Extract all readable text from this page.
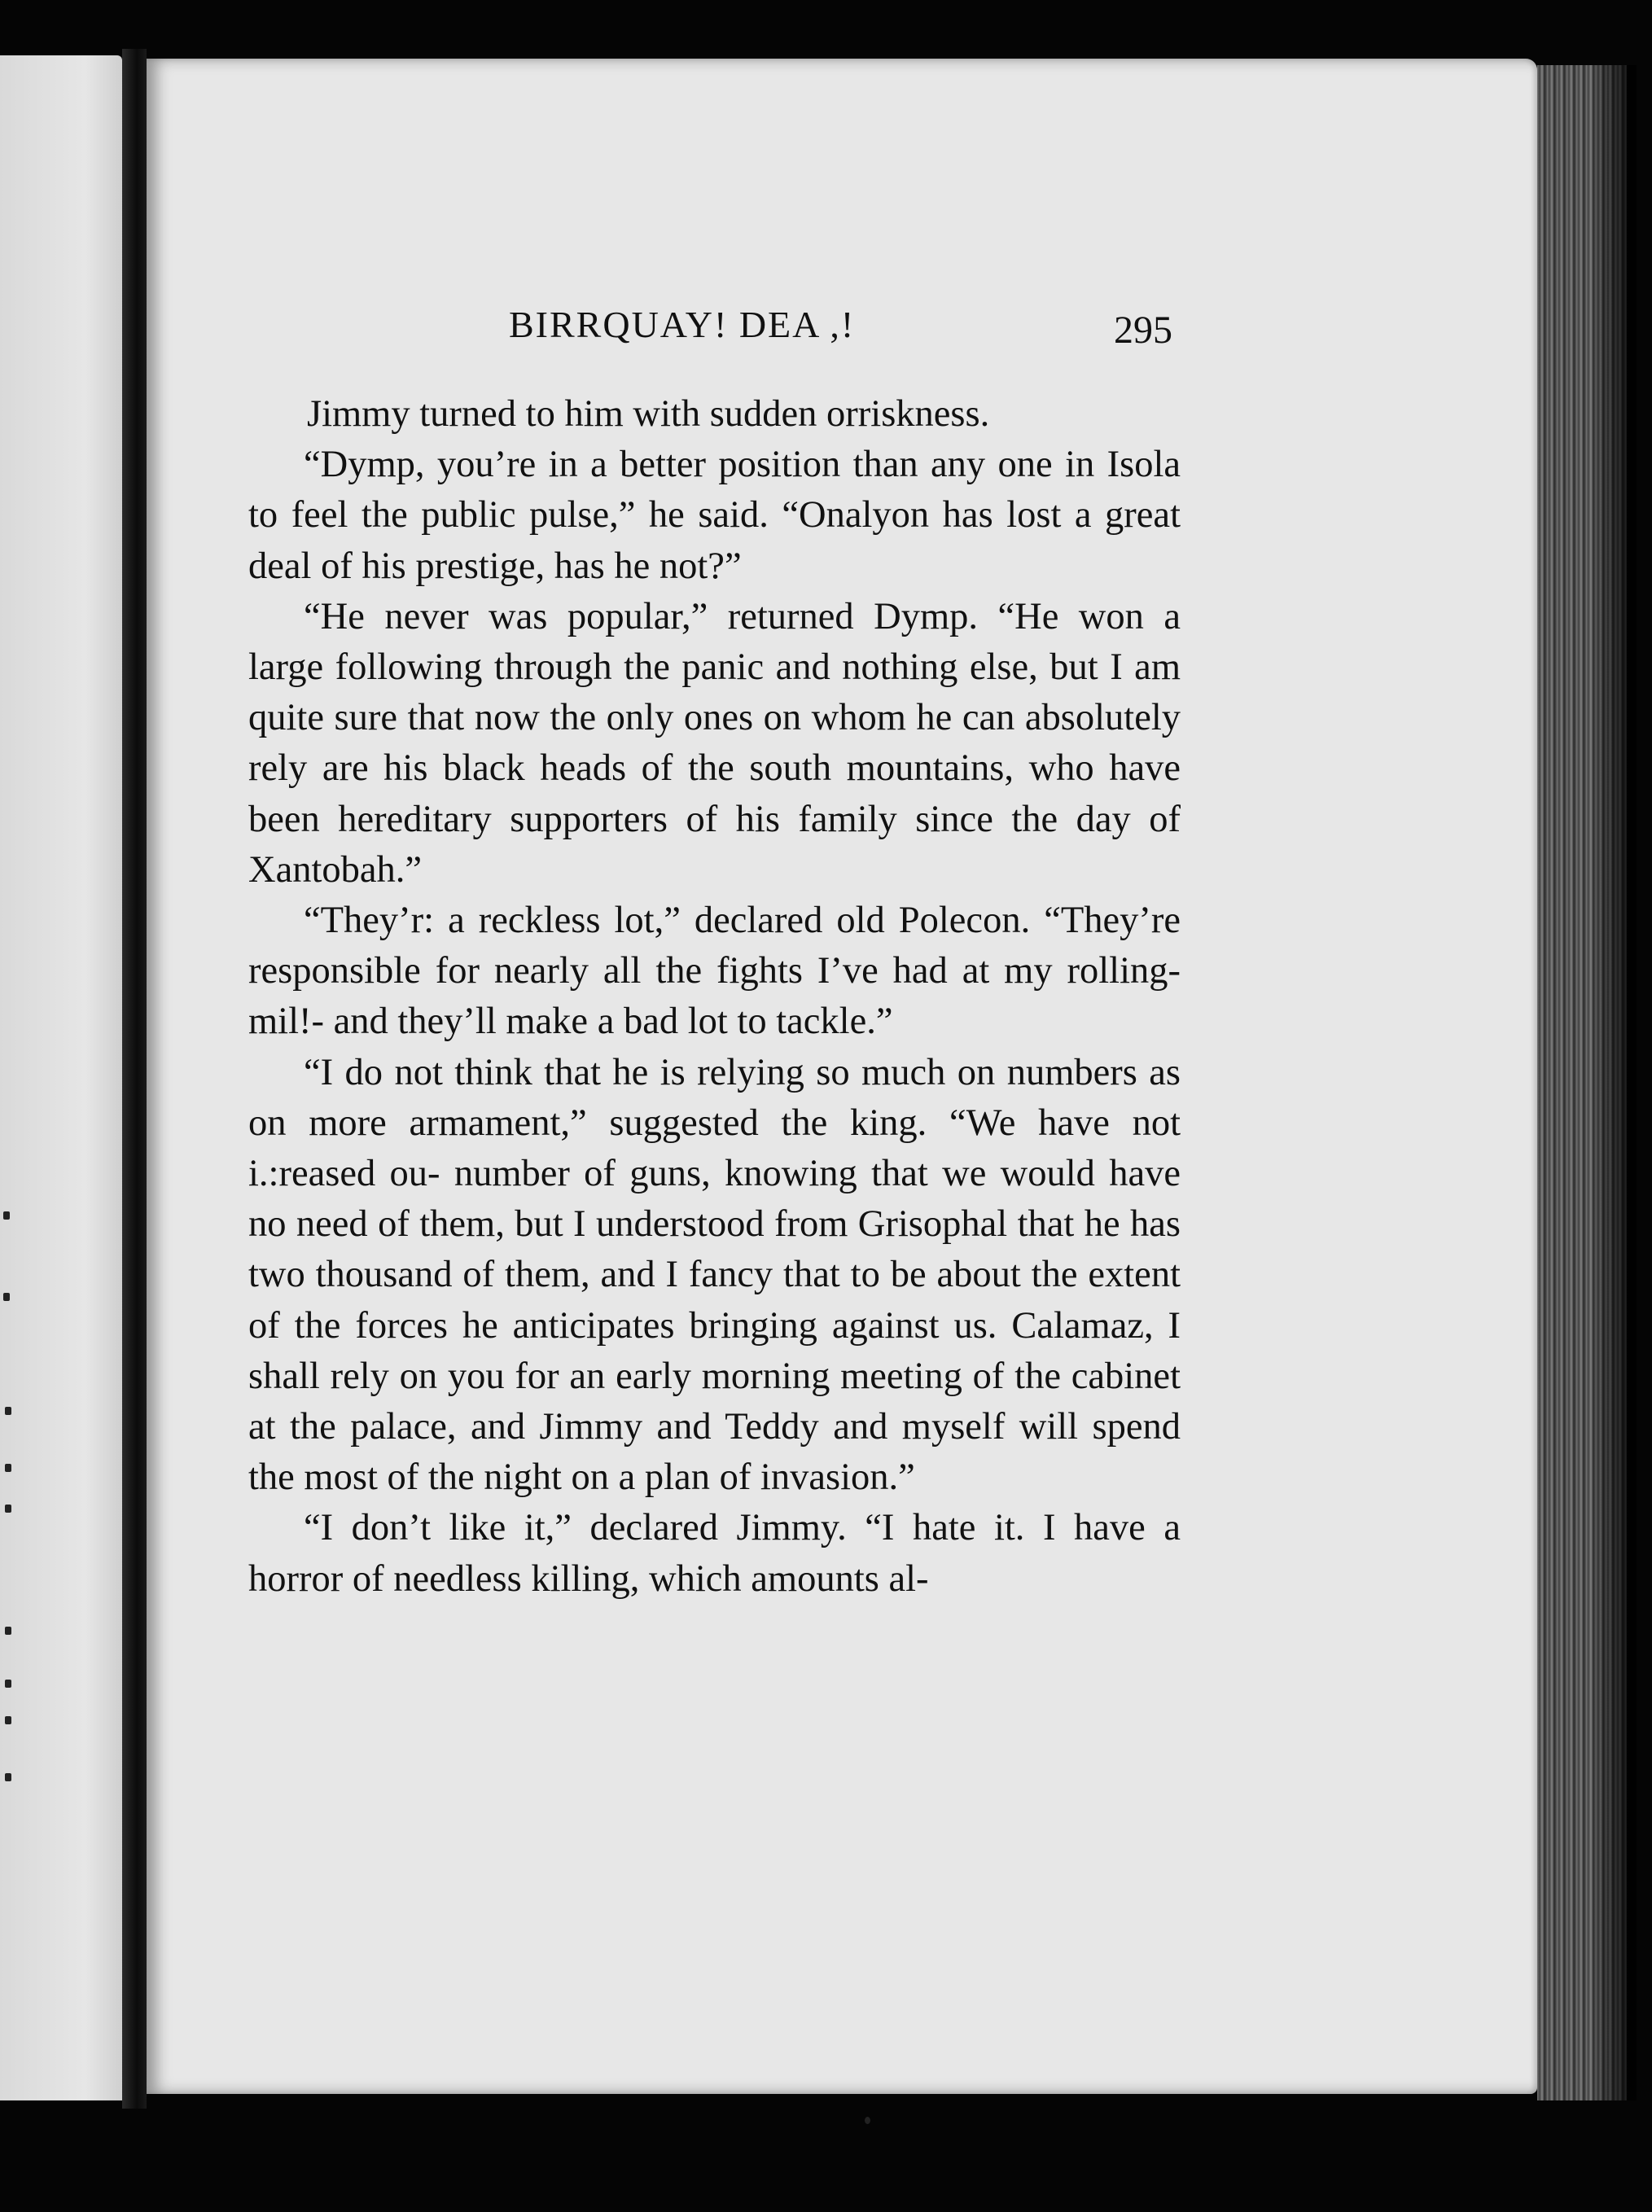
BIRRQUAY! DEA ,!	295

Jimmy turned to him with sudden orriskness.

“Dymp, you’re in a better position than any one in Isola to feel the public pulse,” he said. “Onalyon has lost a great deal of his prestige, has he not?”

“He never was popular,” returned Dymp. “He won a large following through the panic and nothing else, but I am quite sure that now the only ones on whom he can absolutely rely are his black heads of the south mountains, who have been hereditary supporters of his family since the day of Xantobah.”

“They’r: a reckless lot,” declared old Polecon. “They’re responsible for nearly all the fights I’ve had at my rolling-mil!- and they’ll make a bad lot to tackle.”

“I do not think that he is relying so much on numbers as on more armament,” suggested the king. “We have not i.:reased ou- number of guns, knowing that we would have no need of them, but I understood from Grisophal that he has two thousand of them, and I fancy that to be about the extent of the forces he anticipates bringing against us. Calamaz, I shall rely on you for an early morning meeting of the cabinet at the palace, and Jimmy and Teddy and myself will spend the most of the night on a plan of invasion.”

“I don’t like it,” declared Jimmy. “I hate it. I have a horror of needless killing, which amounts al-
